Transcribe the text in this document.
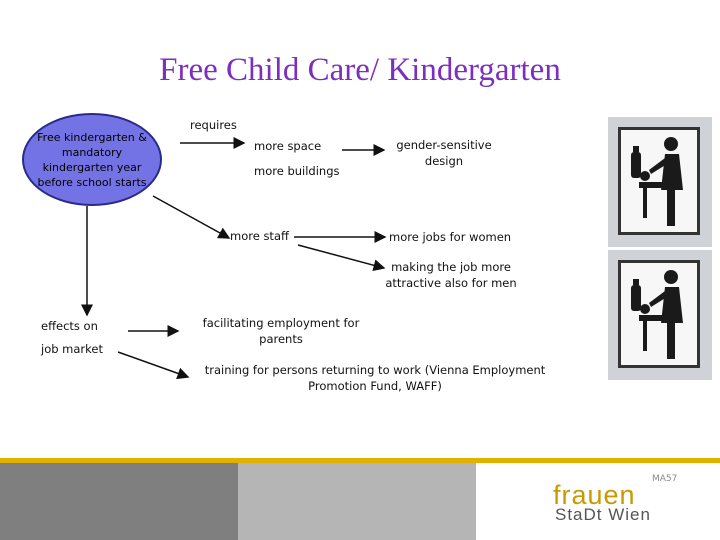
Free Child Care/ Kindergarten
Free kindergarten & mandatory kindergarten year before school starts
requires
more space
more buildings
gender-sensitive design
more staff	more jobs for women
making the job more attractive also for men
effects on
job market
facilitating employment for parents
training for persons returning to work (Vienna Employment Promotion Fund, WAFF)
MA57
frauen
StaDt Wien
